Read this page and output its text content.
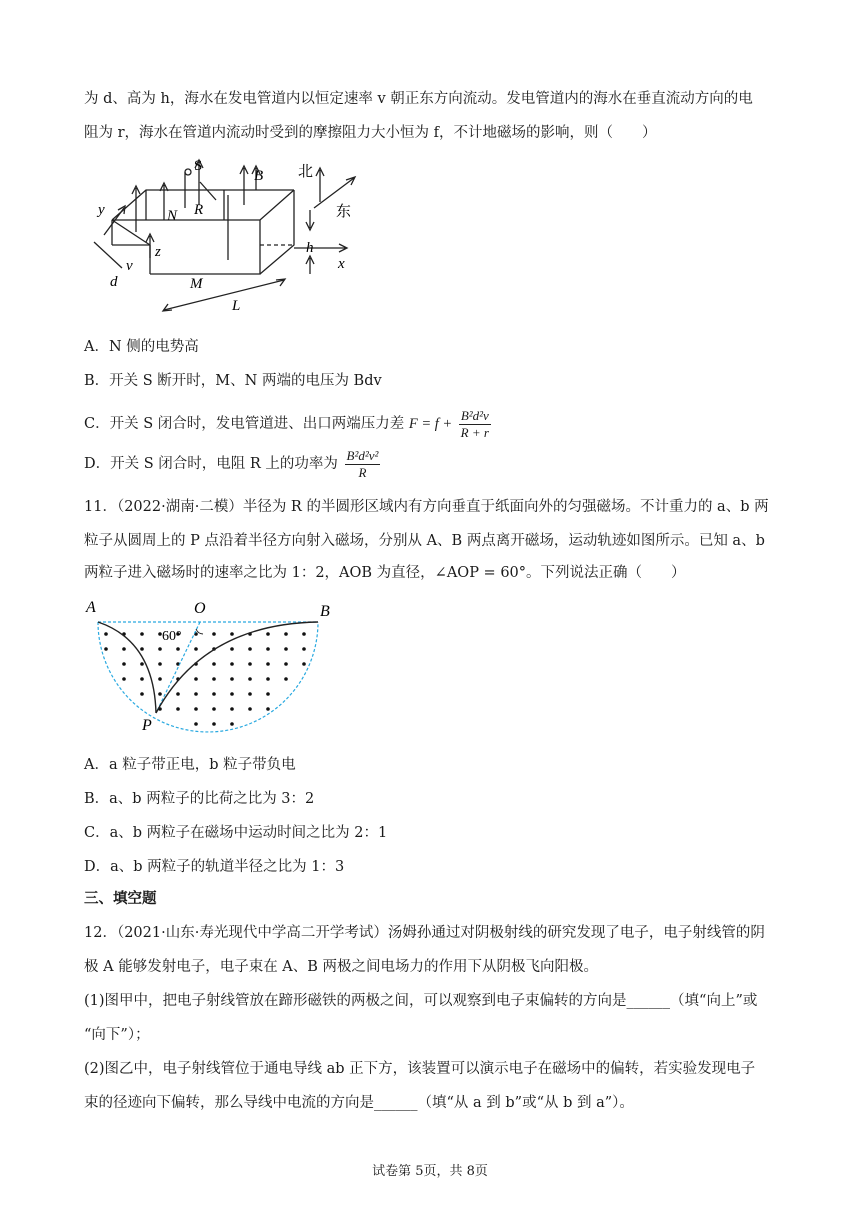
为 d、高为 h，海水在发电管道内以恒定速率 v 朝正东方向流动。发电管道内的海水在垂直流动方向的电
阻为 r，海水在管道内流动时受到的摩擦阻力大小恒为 f，不计地磁场的影响，则（　　）
S
B 北
东
y	N R
z	h
x
v
d	M
L
A．N 侧的电势高
B．开关 S 断开时，M、N 两端的电压为 Bdv
C．开关 S 闭合时，发电管道进、出口两端压力差 $F = f + \frac{\text{B²d²v}}{R + r}$
D．开关 S 闭合时，电阻 R 上的功率为 $\frac{\text{B²d²v²}}{R}$
11．（2022·湖南·二模）半径为 R 的半圆形区域内有方向垂直于纸面向外的匀强磁场。不计重力的 a、b 两
粒子从圆周上的 P 点沿着半径方向射入磁场，分别从 A、B 两点离开磁场，运动轨迹如图所示。已知 a、b
两粒子进入磁场时的速率之比为 1：2，AOB 为直径，∠AOP = 60°。下列说法正确（　　）
A	O	B
P
60°
A．a 粒子带正电，b 粒子带负电
B．a、b 两粒子的比荷之比为 3：2
C．a、b 两粒子在磁场中运动时间之比为 2：1
D．a、b 两粒子的轨道半径之比为 1：3
三、填空题
12．（2021·山东·寿光现代中学高二开学考试）汤姆孙通过对阴极射线的研究发现了电子，电子射线管的阴
极 A 能够发射电子，电子束在 A、B 两极之间电场力的作用下从阴极飞向阳极。
(1)图甲中，把电子射线管放在蹄形磁铁的两极之间，可以观察到电子束偏转的方向是______（填“向上”或
“向下”）；
(2)图乙中，电子射线管位于通电导线 ab 正下方，该装置可以演示电子在磁场中的偏转，若实验发现电子
束的径迹向下偏转，那么导线中电流的方向是______（填“从 a 到 b”或“从 b 到 a”）。
试卷第 5页，共 8页
